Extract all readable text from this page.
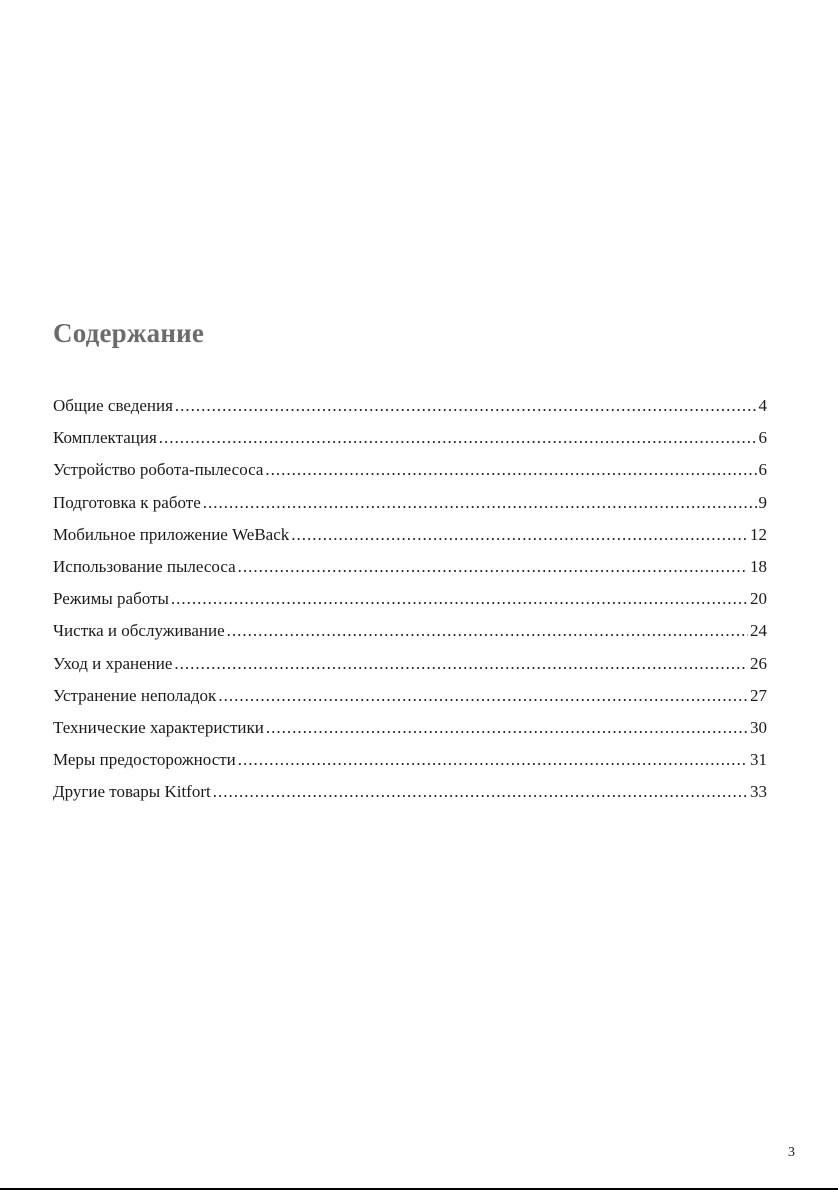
Содержание
Общие сведения .....	4
Комплектация .....	6
Устройство робота-пылесоса .....	6
Подготовка к работе .....	9
Мобильное приложение WeBack .....	12
Использование пылесоса .....	18
Режимы работы .....	20
Чистка и обслуживание .....	24
Уход и хранение .....	26
Устранение неполадок .....	27
Технические характеристики .....	30
Меры предосторожности .....	31
Другие товары Kitfort .....	33
3
